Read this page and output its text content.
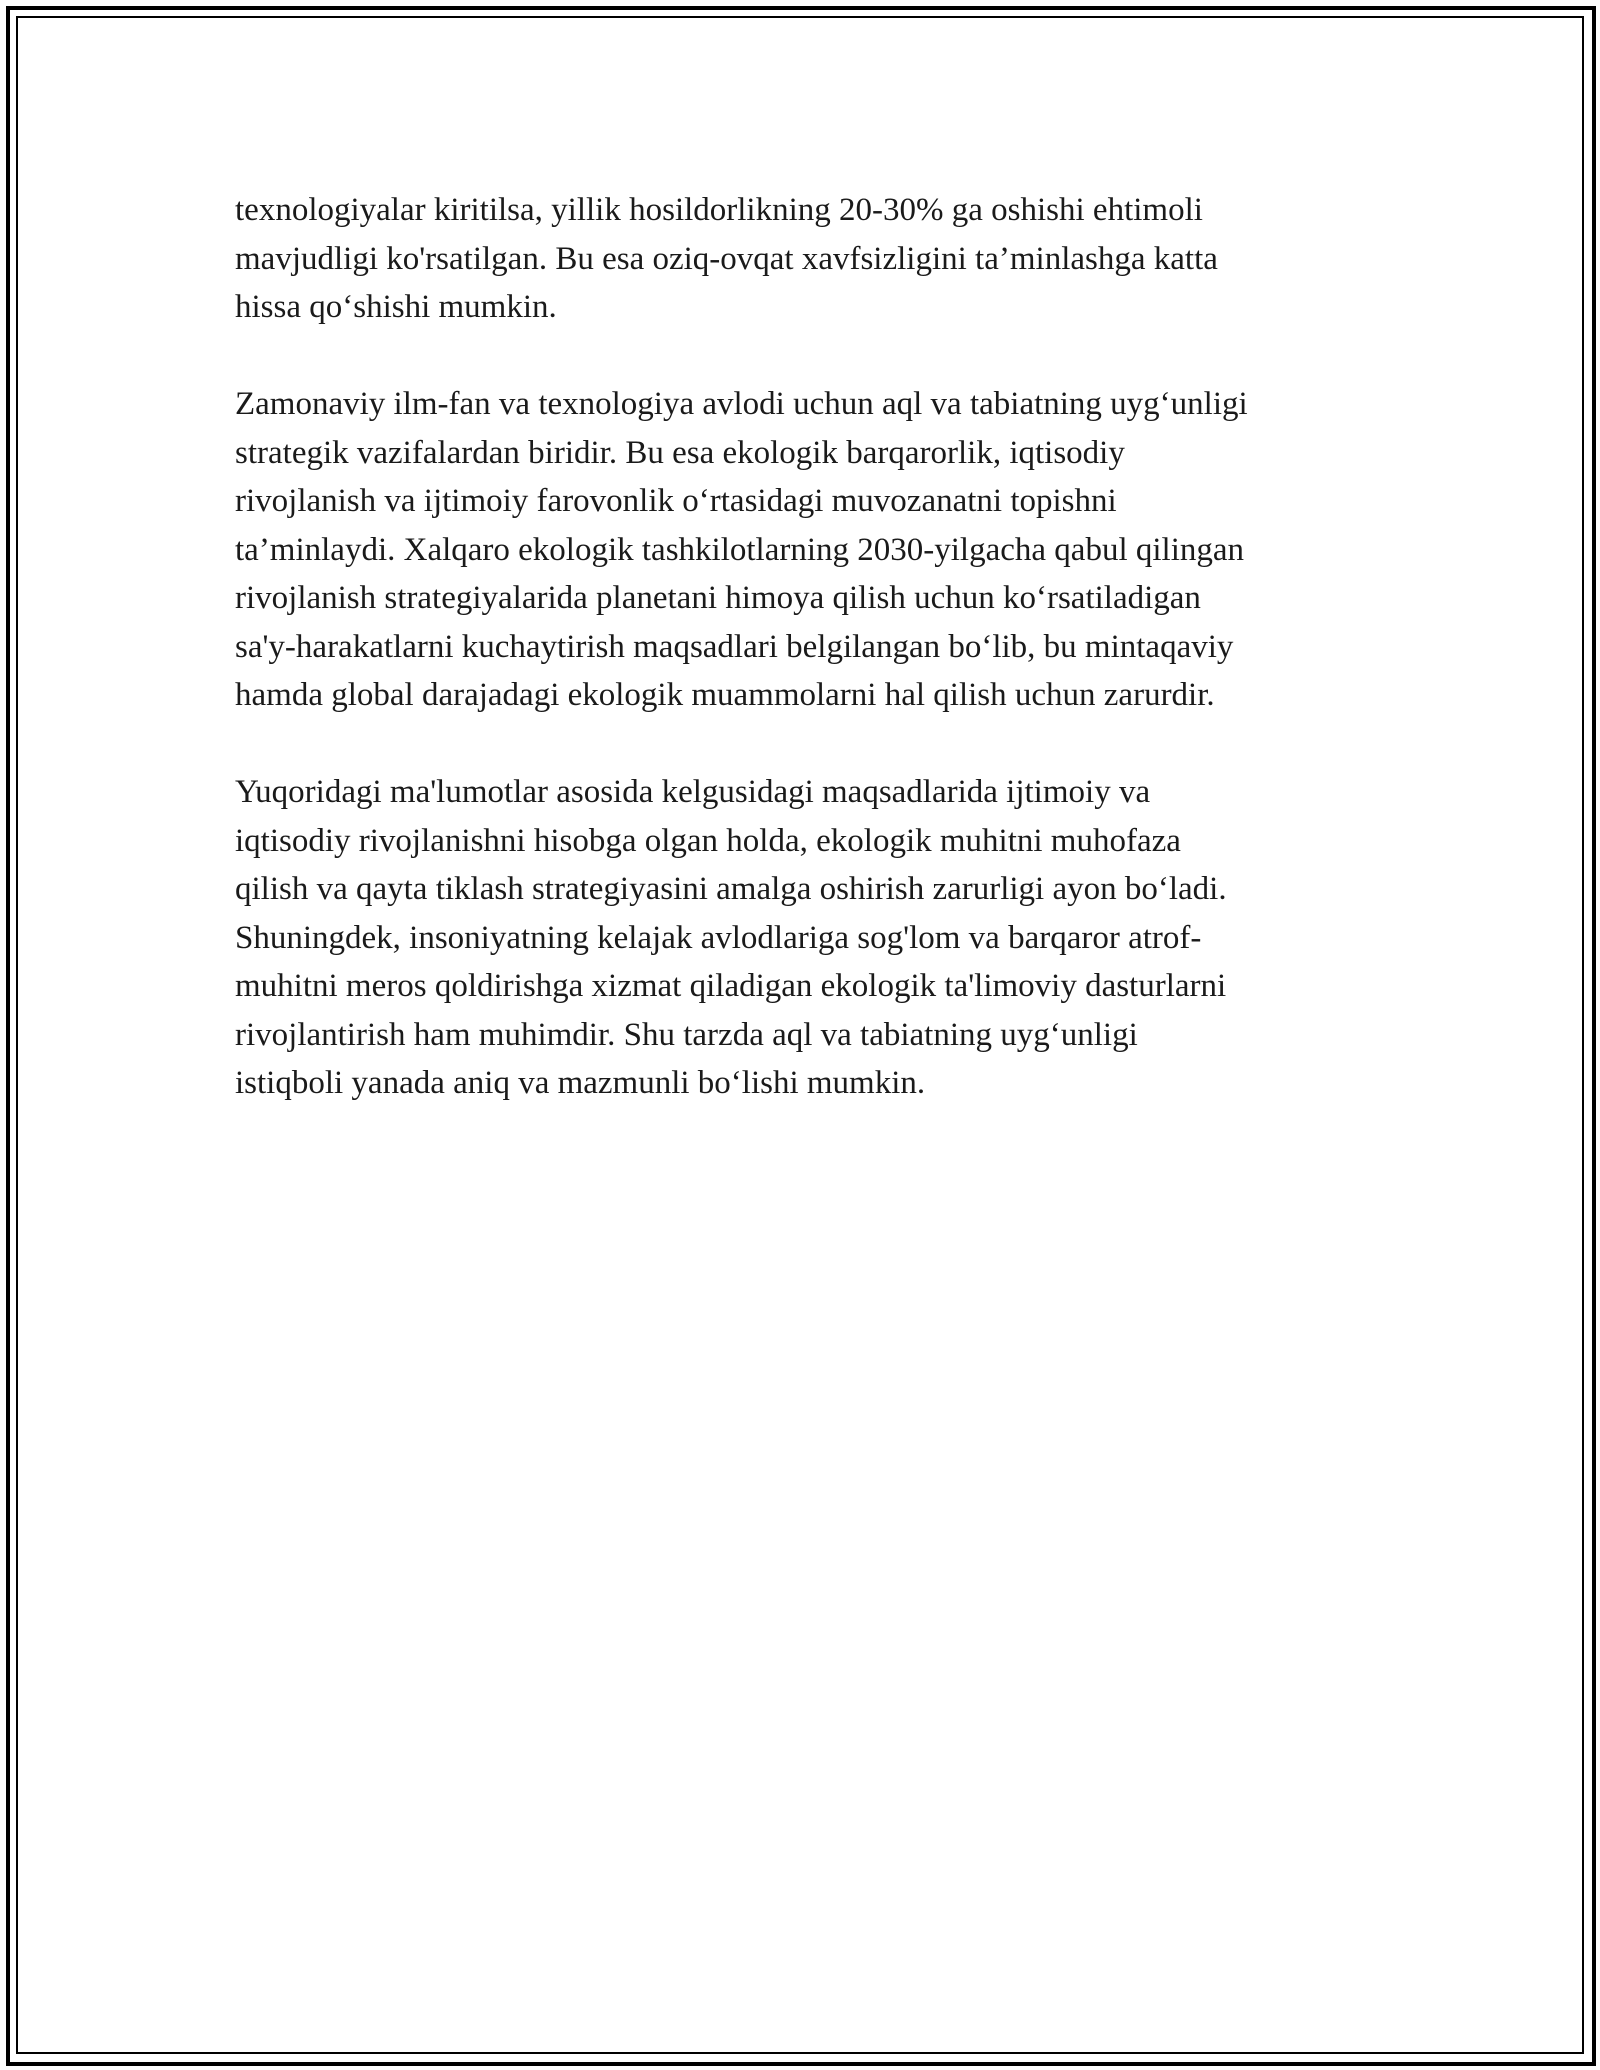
texnologiyalar kiritilsa, yillik hosildorlikning 20-30% ga oshishi ehtimoli
mavjudligi ko'rsatilgan. Bu esa oziq-ovqat xavfsizligini ta’minlashga katta
hissa qo‘shishi mumkin.

Zamonaviy ilm-fan va texnologiya avlodi uchun aql va tabiatning uyg‘unligi
strategik vazifalardan biridir. Bu esa ekologik barqarorlik, iqtisodiy
rivojlanish va ijtimoiy farovonlik o‘rtasidagi muvozanatni topishni
ta’minlaydi. Xalqaro ekologik tashkilotlarning 2030-yilgacha qabul qilingan
rivojlanish strategiyalarida planetani himoya qilish uchun ko‘rsatiladigan
sa'y-harakatlarni kuchaytirish maqsadlari belgilangan bo‘lib, bu mintaqaviy
hamda global darajadagi ekologik muammolarni hal qilish uchun zarurdir.

Yuqoridagi ma'lumotlar asosida kelgusidagi maqsadlarida ijtimoiy va
iqtisodiy rivojlanishni hisobga olgan holda, ekologik muhitni muhofaza
qilish va qayta tiklash strategiyasini amalga oshirish zarurligi ayon bo‘ladi.
Shuningdek, insoniyatning kelajak avlodlariga sog'lom va barqaror atrof-
muhitni meros qoldirishga xizmat qiladigan ekologik ta'limoviy dasturlarni
rivojlantirish ham muhimdir. Shu tarzda aql va tabiatning uyg‘unligi
istiqboli yanada aniq va mazmunli bo‘lishi mumkin.
